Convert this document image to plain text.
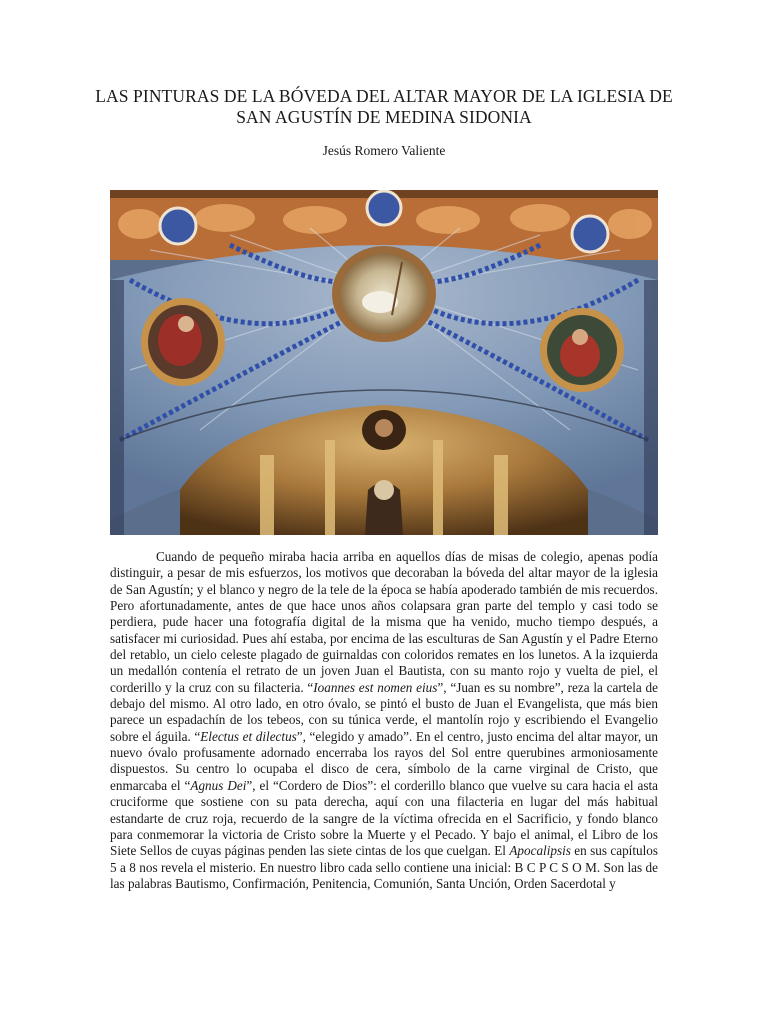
LAS PINTURAS DE LA BÓVEDA DEL ALTAR MAYOR DE LA IGLESIA DE
SAN AGUSTÍN DE MEDINA SIDONIA
Jesús Romero Valiente

Cuando de pequeño miraba hacia arriba en aquellos días de misas de colegio, apenas podía distinguir, a pesar de mis esfuerzos, los motivos que decoraban la bóveda del altar mayor de la iglesia de San Agustín; y el blanco y negro de la tele de la época se había apoderado también de mis recuerdos. Pero afortunadamente, antes de que hace unos años colapsara gran parte del templo y casi todo se perdiera, pude hacer una fotografía digital de la misma que ha venido, mucho tiempo después, a satisfacer mi curiosidad. Pues ahí estaba, por encima de las esculturas de San Agustín y el Padre Eterno del retablo, un cielo celeste plagado de guirnaldas con coloridos remates en los lunetos. A la izquierda un medallón contenía el retrato de un joven Juan el Bautista, con su manto rojo y vuelta de piel, el corderillo y la cruz con su filacteria. “Ioannes est nomen eius”, “Juan es su nombre”, reza la cartela de debajo del mismo. Al otro lado, en otro óvalo, se pintó el busto de Juan el Evangelista, que más bien parece un espadachín de los tebeos, con su túnica verde, el mantolín rojo y escribiendo el Evangelio sobre el águila. “Electus et dilectus”, “elegido y amado”. En el centro, justo encima del altar mayor, un nuevo óvalo profusamente adornado encerraba los rayos del Sol entre querubines armoniosamente dispuestos. Su centro lo ocupaba el disco de cera, símbolo de la carne virginal de Cristo, que enmarcaba el “Agnus Dei”, el “Cordero de Dios”: el corderillo blanco que vuelve su cara hacia el asta cruciforme que sostiene con su pata derecha, aquí con una filacteria en lugar del más habitual estandarte de cruz roja, recuerdo de la sangre de la víctima ofrecida en el Sacrificio, y fondo blanco para conmemorar la victoria de Cristo sobre la Muerte y el Pecado. Y bajo el animal, el Libro de los Siete Sellos de cuyas páginas penden las siete cintas de los que cuelgan. El Apocalipsis en sus capítulos 5 a 8 nos revela el misterio. En nuestro libro cada sello contiene una inicial: B C P C S O M. Son las de las palabras Bautismo, Confirmación, Penitencia, Comunión, Santa Unción, Orden Sacerdotal y
